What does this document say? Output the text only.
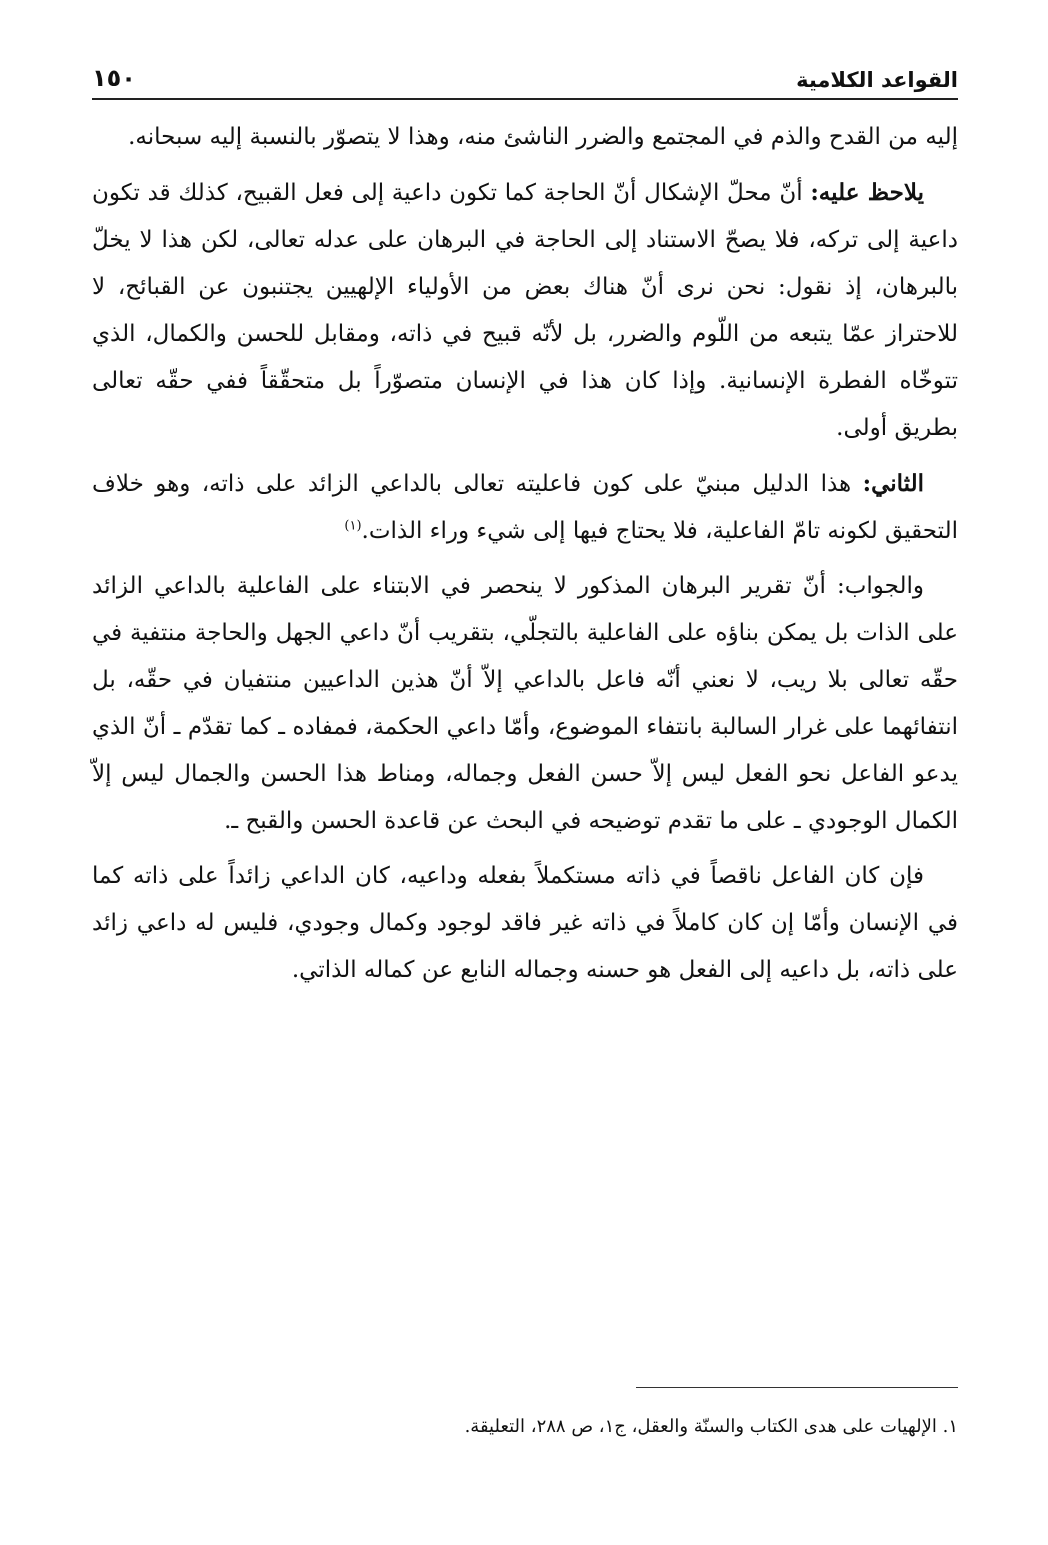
القواعد الكلامية
١٥٠

إليه من القدح والذم في المجتمع والضرر الناشئ منه، وهذا لا يتصوّر بالنسبة إليه سبحانه.

يلاحظ عليه: أنّ محلّ الإشكال أنّ الحاجة كما تكون داعية إلى فعل القبيح، كذلك قد تكون داعية إلى تركه، فلا يصحّ الاستناد إلى الحاجة في البرهان على عدله تعالى، لكن هذا لا يخلّ بالبرهان، إذ نقول: نحن نرى أنّ هناك بعض من الأولياء الإلهيين يجتنبون عن القبائح، لا للاحتراز عمّا يتبعه من اللّوم والضرر، بل لأنّه قبيح في ذاته، ومقابل للحسن والكمال، الذي تتوخّاه الفطرة الإنسانية. وإذا كان هذا في الإنسان متصوّراً بل متحقّقاً ففي حقّه تعالى بطريق أولى.

الثاني: هذا الدليل مبنيّ على كون فاعليته تعالى بالداعي الزائد على ذاته، وهو خلاف التحقيق لكونه تامّ الفاعلية، فلا يحتاج فيها إلى شيء وراء الذات.$^{(١)}$

والجواب: أنّ تقرير البرهان المذكور لا ينحصر في الابتناء على الفاعلية بالداعي الزائد على الذات بل يمكن بناؤه على الفاعلية بالتجلّي، بتقريب أنّ داعي الجهل والحاجة منتفية في حقّه تعالى بلا ريب، لا نعني أنّه فاعل بالداعي إلاّ أنّ هذين الداعيين منتفيان في حقّه، بل انتفائهما على غرار السالبة بانتفاء الموضوع، وأمّا داعي الحكمة، فمفاده ـ كما تقدّم ـ أنّ الذي يدعو الفاعل نحو الفعل ليس إلاّ حسن الفعل وجماله، ومناط هذا الحسن والجمال ليس إلاّ الكمال الوجودي ـ على ما تقدم توضيحه في البحث عن قاعدة الحسن والقبح ـ.

فإن كان الفاعل ناقصاً في ذاته مستكملاً بفعله وداعيه، كان الداعي زائداً على ذاته كما في الإنسان وأمّا إن كان كاملاً في ذاته غير فاقد لوجود وكمال وجودي، فليس له داعي زائد على ذاته، بل داعيه إلى الفعل هو حسنه وجماله النابع عن كماله الذاتي.

١. الإلهيات على هدى الكتاب والسنّة والعقل، ج١، ص ٢٨٨، التعليقة.
